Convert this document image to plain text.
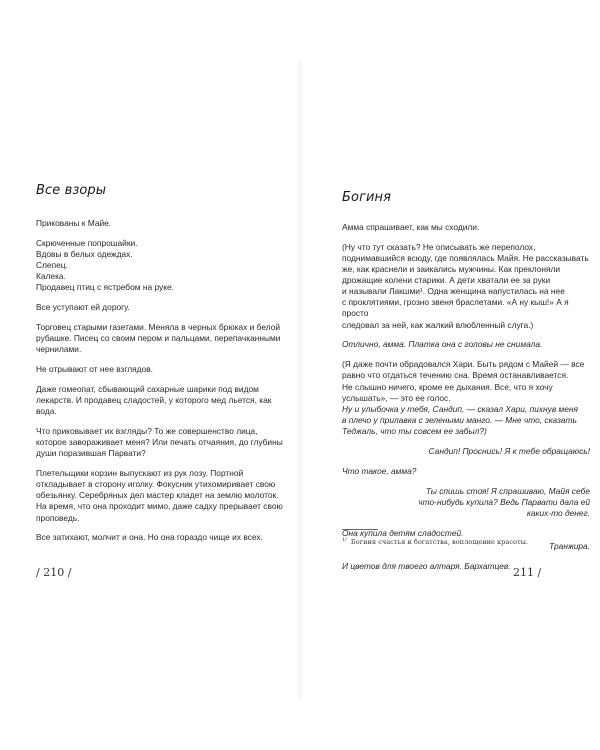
Все взоры

Прикованы к Майе.

Скрюченные попрошайки.
Вдовы в белых одеждах.
Слепец.
Калека.
Продавец птиц с ястребом на руке.

Все уступают ей дорогу.

Торговец старыми газетами. Меняла в черных брюках и белой
рубашке. Писец со своим пером и пальцами, перепачканными
чернилами.

Не отрывают от нее взглядов.

Даже гомеопат, сбывающий сахарные шарики под видом
лекарств. И продавец сладостей, у которого мед льется, как
вода.

Что приковывает их взгляды? То же совершенство лица,
которое завораживает меня? Или печать отчаяния, до глубины
души поразившая Парвати?

Плетельщики корзин выпускают из рук лозу. Портной
откладывает в сторону иголку. Фокусник утихомиривает свою
обезьянку. Серебряных дел мастер кладет на землю молоток.
На время, что она проходит мимо, даже садху прерывает свою
проповедь.

Все затихают, молчит и она. Но она гораздо чище их всех.

/ 210 /
Богиня

Амма спрашивает, как мы сходили.

(Ну что тут сказать? Не описывать же переполох,
поднимавшийся всюду, где появлялась Майя. Не рассказывать
же, как краснели и заикались мужчины. Как преклоняли
дрожащие колени старики. А дети хватали ее за руки
и называли Лакшми¹. Одна женщина напустилась на нее
с проклятиями, грозно звеня браслетами. «А ну кыш!» А я просто
следовал за ней, как жалкий влюбленный слуга.)

Отлично, амма. Платка она с головы не снимала.

(Я даже почти обрадовался Хари. Быть рядом с Майей — все
равно что отдаться течению сна. Время останавливается.
Не слышно ничего, кроме ее дыхания. Все, что я хочу
услышать», — это ее голос.
Ну и улыбочка у тебя, Сандип, — сказал Хари, пихнув меня
в плечо у прилавка с зелеными манго. — Мне что, сказать
Теджаль, что ты совсем ее забыл?)

Сандип! Проснись! Я к тебе обращаюсь!

Что такое, амма?

Ты спишь стоя! Я спрашиваю, Майя себе
что-нибудь купила? Ведь Парвати дала ей
каких-то денег.

Она купила детям сладостей.

Транжира.

И цветов для твоего алтаря. Бархатцев.

$^{1/}$ Богиня счастья и богатства, воплощение красоты.
211 /
